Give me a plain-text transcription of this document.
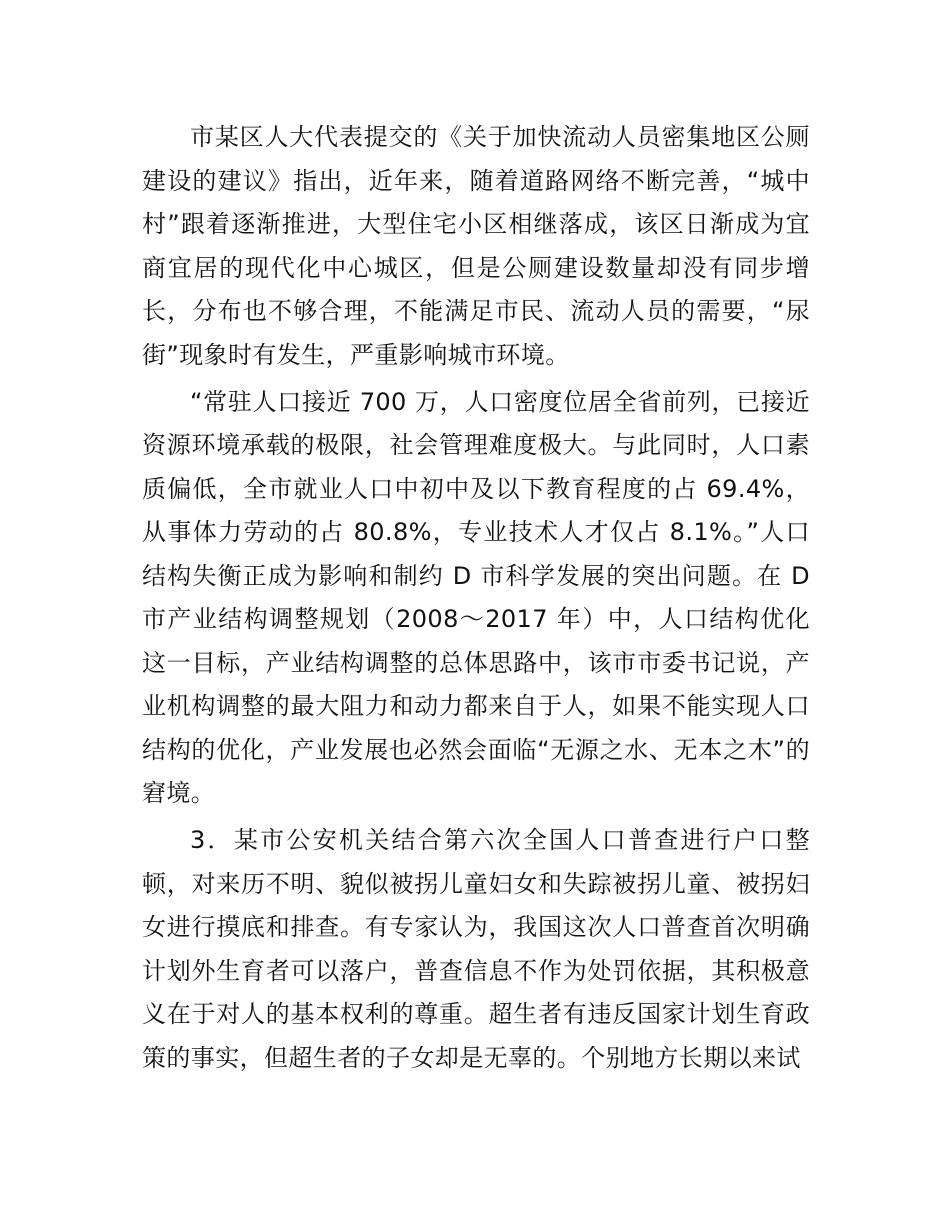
市某区人大代表提交的《关于加快流动人员密集地区公厕建设的建议》指出，近年来，随着道路网络不断完善，“城中村”跟着逐渐推进，大型住宅小区相继落成，该区日渐成为宜商宜居的现代化中心城区，但是公厕建设数量却没有同步增长，分布也不够合理，不能满足市民、流动人员的需要，“尿街”现象时有发生，严重影响城市环境。

“常驻人口接近 700 万，人口密度位居全省前列，已接近资源环境承载的极限，社会管理难度极大。与此同时，人口素质偏低，全市就业人口中初中及以下教育程度的占 69.4%，从事体力劳动的占 80.8%，专业技术人才仅占 8.1%。”人口结构失衡正成为影响和制约 D 市科学发展的突出问题。在 D 市产业结构调整规划（2008～2017 年）中，人口结构优化这一目标，产业结构调整的总体思路中，该市市委书记说，产业机构调整的最大阻力和动力都来自于人，如果不能实现人口结构的优化，产业发展也必然会面临“无源之水、无本之木”的窘境。

3．某市公安机关结合第六次全国人口普查进行户口整顿，对来历不明、貌似被拐儿童妇女和失踪被拐儿童、被拐妇女进行摸底和排查。有专家认为，我国这次人口普查首次明确计划外生育者可以落户，普查信息不作为处罚依据，其积极意义在于对人的基本权利的尊重。超生者有违反国家计划生育政策的事实，但超生者的子女却是无辜的。个别地方长期以来试
